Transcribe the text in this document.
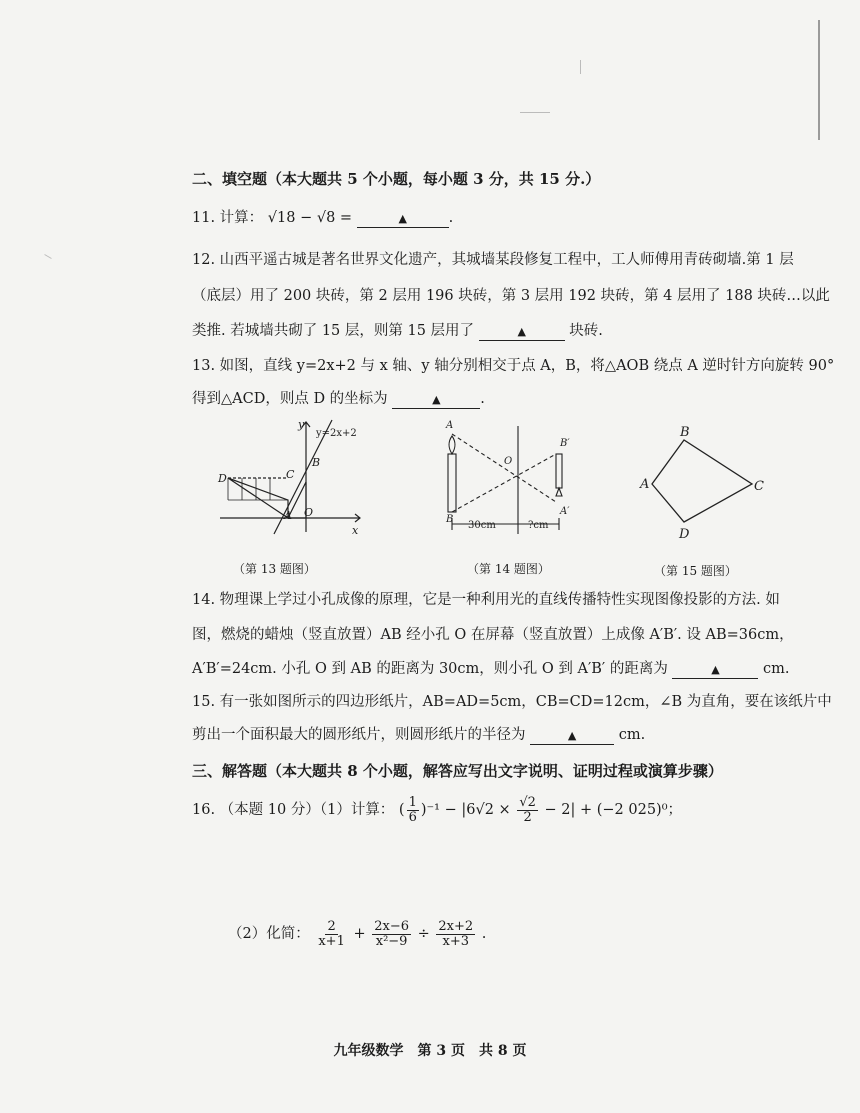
二、填空题（本大题共 5 个小题，每小题 3 分，共 15 分.）
11. 计算： √18 − √8 =	▲	.
12. 山西平遥古城是著名世界文化遗产，其城墙某段修复工程中，工人师傅用青砖砌墙.第 1 层
（底层）用了 200 块砖，第 2 层用 196 块砖，第 3 层用 192 块砖，第 4 层用了 188 块砖…以此
类推. 若城墙共砌了 15 层，则第 15 层用了	▲	块砖.
13. 如图，直线 y=2x+2 与 x 轴、y 轴分别相交于点 A，B，将△AOB 绕点 A 逆时针方向旋转 90°
得到△ACD，则点 D 的坐标为	▲	.
y
y=2x+2
B
C
D
A O
x
（第 13 题图）
A
B
O
B′
A′
30cm	?cm
（第 14 题图）
B
A	C
D
（第 15 题图）
14. 物理课上学过小孔成像的原理，它是一种利用光的直线传播特性实现图像投影的方法. 如
图，燃烧的蜡烛（竖直放置）AB 经小孔 O 在屏幕（竖直放置）上成像 A′B′. 设 AB=36cm，
A′B′=24cm. 小孔 O 到 AB 的距离为 30cm，则小孔 O 到 A′B′ 的距离为	▲	cm.
15. 有一张如图所示的四边形纸片，AB=AD=5cm，CB=CD=12cm，∠B 为直角，要在该纸片中
剪出一个面积最大的圆形纸片，则圆形纸片的半径为	▲	cm.
三、解答题（本大题共 8 个小题，解答应写出文字说明、证明过程或演算步骤）
16. （本题 10 分）（1）计算： ( $\frac{1}{6} )^{-1} - |6√2 \times \frac{√2}{2} - 2| + (-2$ 025)⁰；
（2）化简： $\frac{2}{x+1} + \frac{2x-6}{\text{x²−9}} \div \frac{2x+2}{x+3}$ .
九年级数学　第 3 页　共 8 页
